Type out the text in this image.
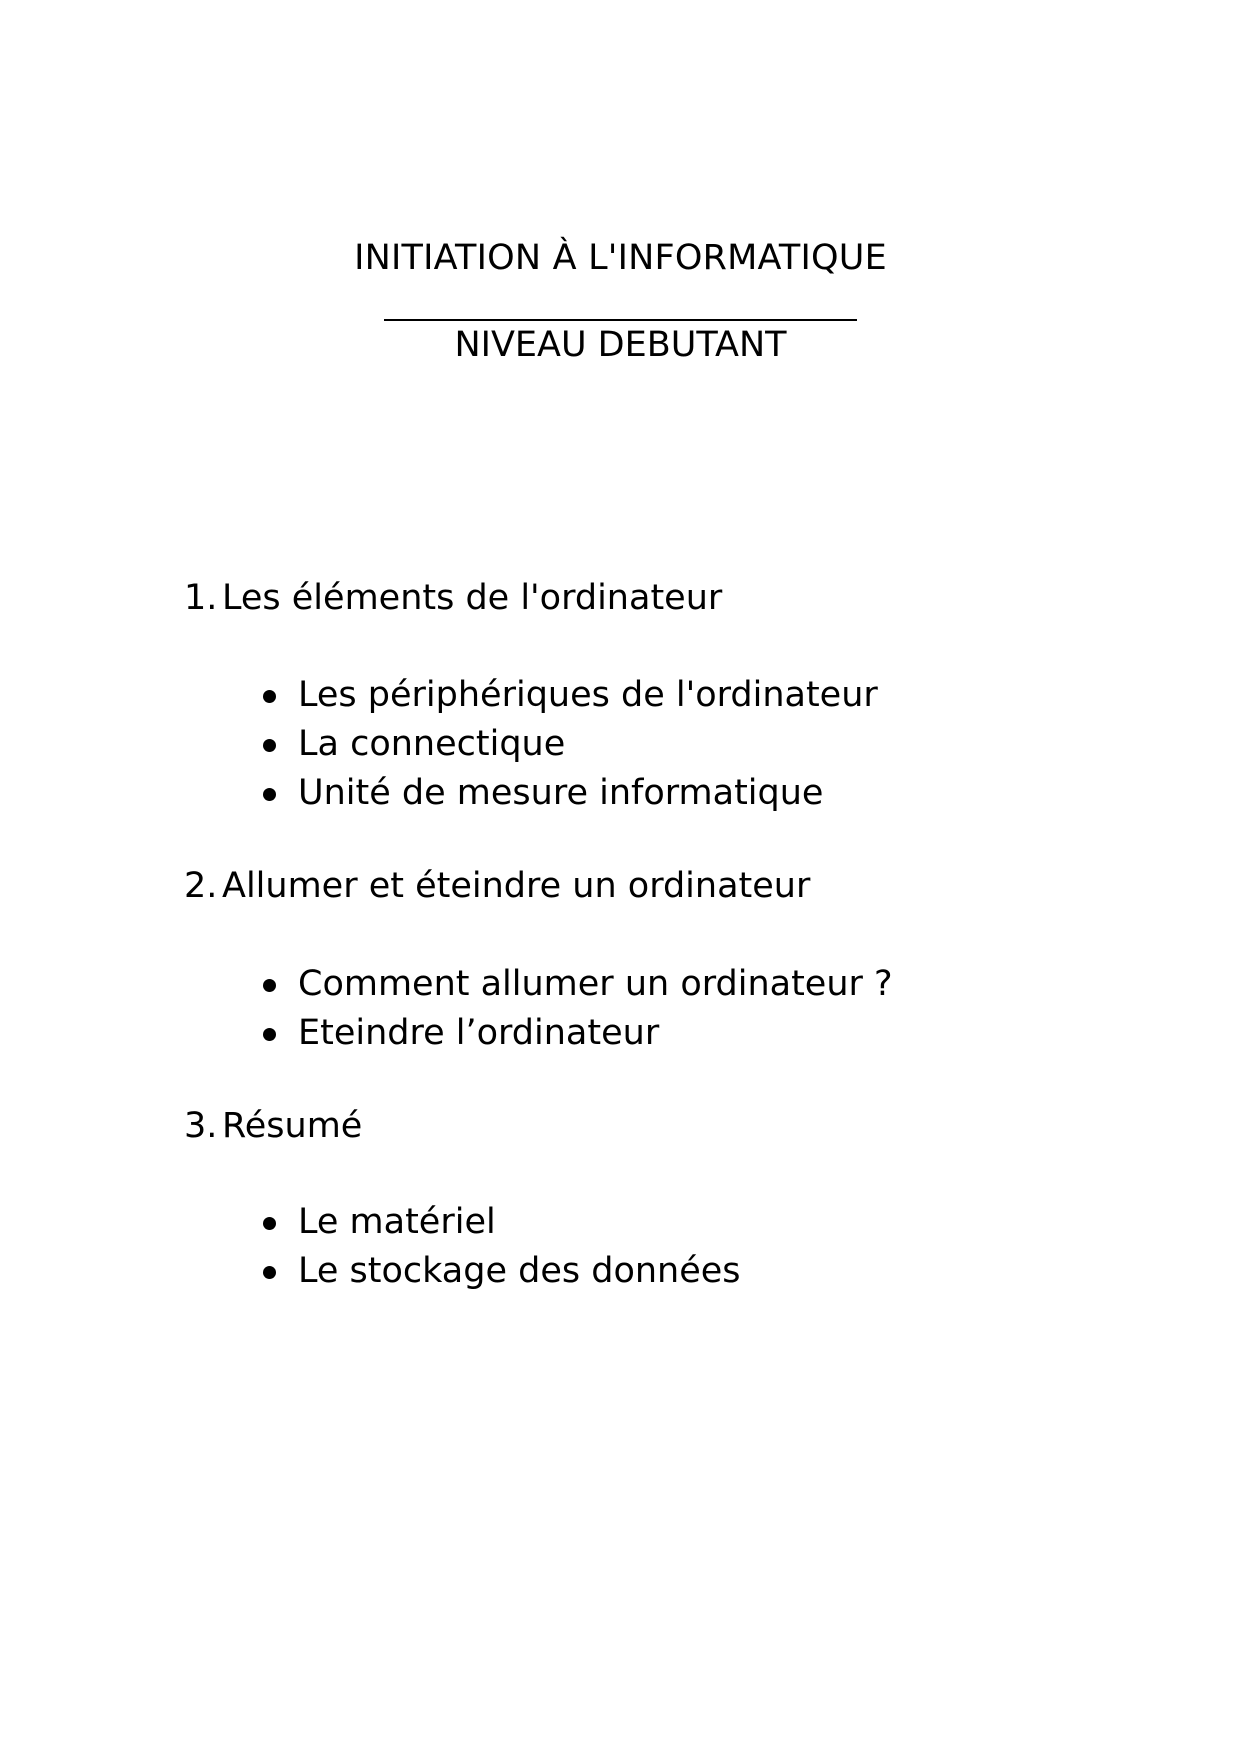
INITIATION À L'INFORMATIQUE
NIVEAU DEBUTANT
1. Les éléments de l'ordinateur
Les périphériques de l'ordinateur
La connectique
Unité de mesure informatique
2. Allumer et éteindre un ordinateur
Comment allumer un ordinateur ?
Eteindre l’ordinateur
3. Résumé
Le matériel
Le stockage des données
